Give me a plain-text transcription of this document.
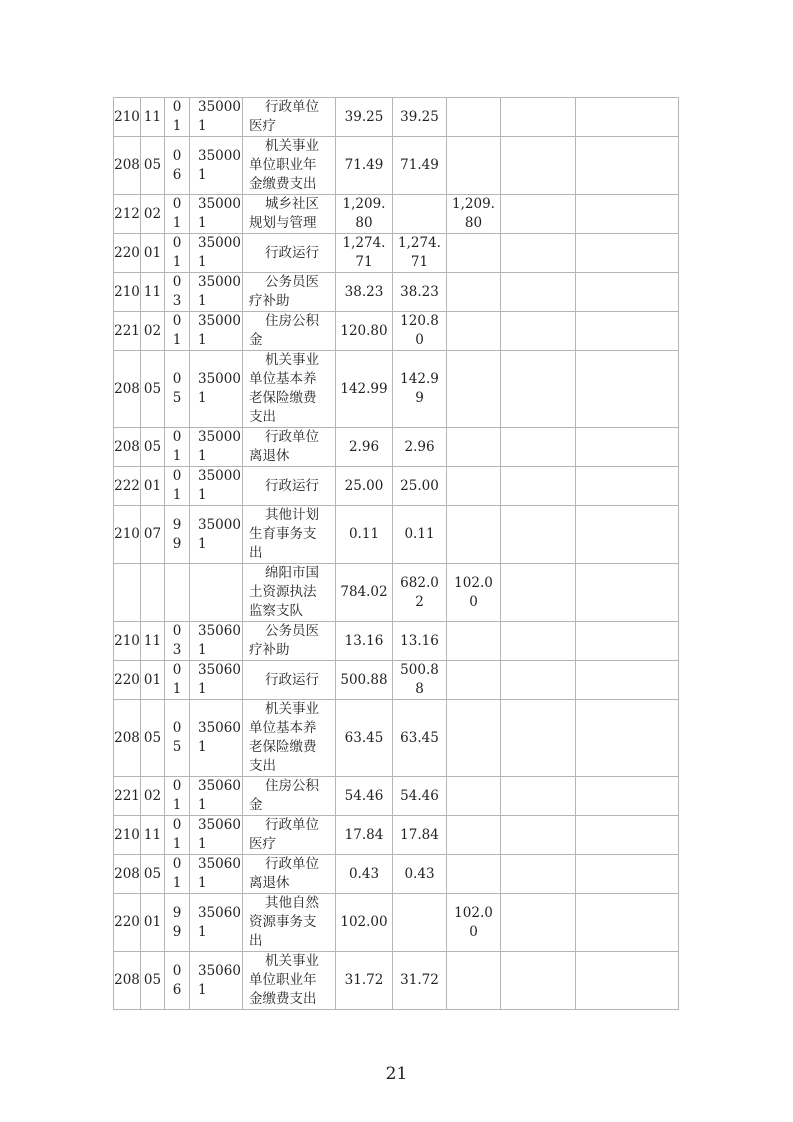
210	11	01	350001	行政单位医疗	39.25	39.25			
208	05	06	350001	机关事业单位职业年金缴费支出	71.49	71.49			
212	02	01	350001	城乡社区规划与管理	1,209.80		1,209.80		
220	01	01	350001	行政运行	1,274.71	1,274.71			
210	11	03	350001	公务员医疗补助	38.23	38.23			
221	02	01	350001	住房公积金	120.80	120.80			
208	05	05	350001	机关事业单位基本养老保险缴费支出	142.99	142.99			
208	05	01	350001	行政单位离退休	2.96	2.96			
222	01	01	350001	行政运行	25.00	25.00			
210	07	99	350001	其他计划生育事务支出	0.11	0.11			

				绵阳市国土资源执法监察支队	784.02	682.02	102.00		
210	11	03	350601	公务员医疗补助	13.16	13.16			
220	01	01	350601	行政运行	500.88	500.88			
208	05	05	350601	机关事业单位基本养老保险缴费支出	63.45	63.45			
221	02	01	350601	住房公积金	54.46	54.46			
210	11	01	350601	行政单位医疗	17.84	17.84			
208	05	01	350601	行政单位离退休	0.43	0.43			
220	01	99	350601	其他自然资源事务支出	102.00		102.00		
208	05	06	350601	机关事业单位职业年金缴费支出	31.72	31.72			
21
